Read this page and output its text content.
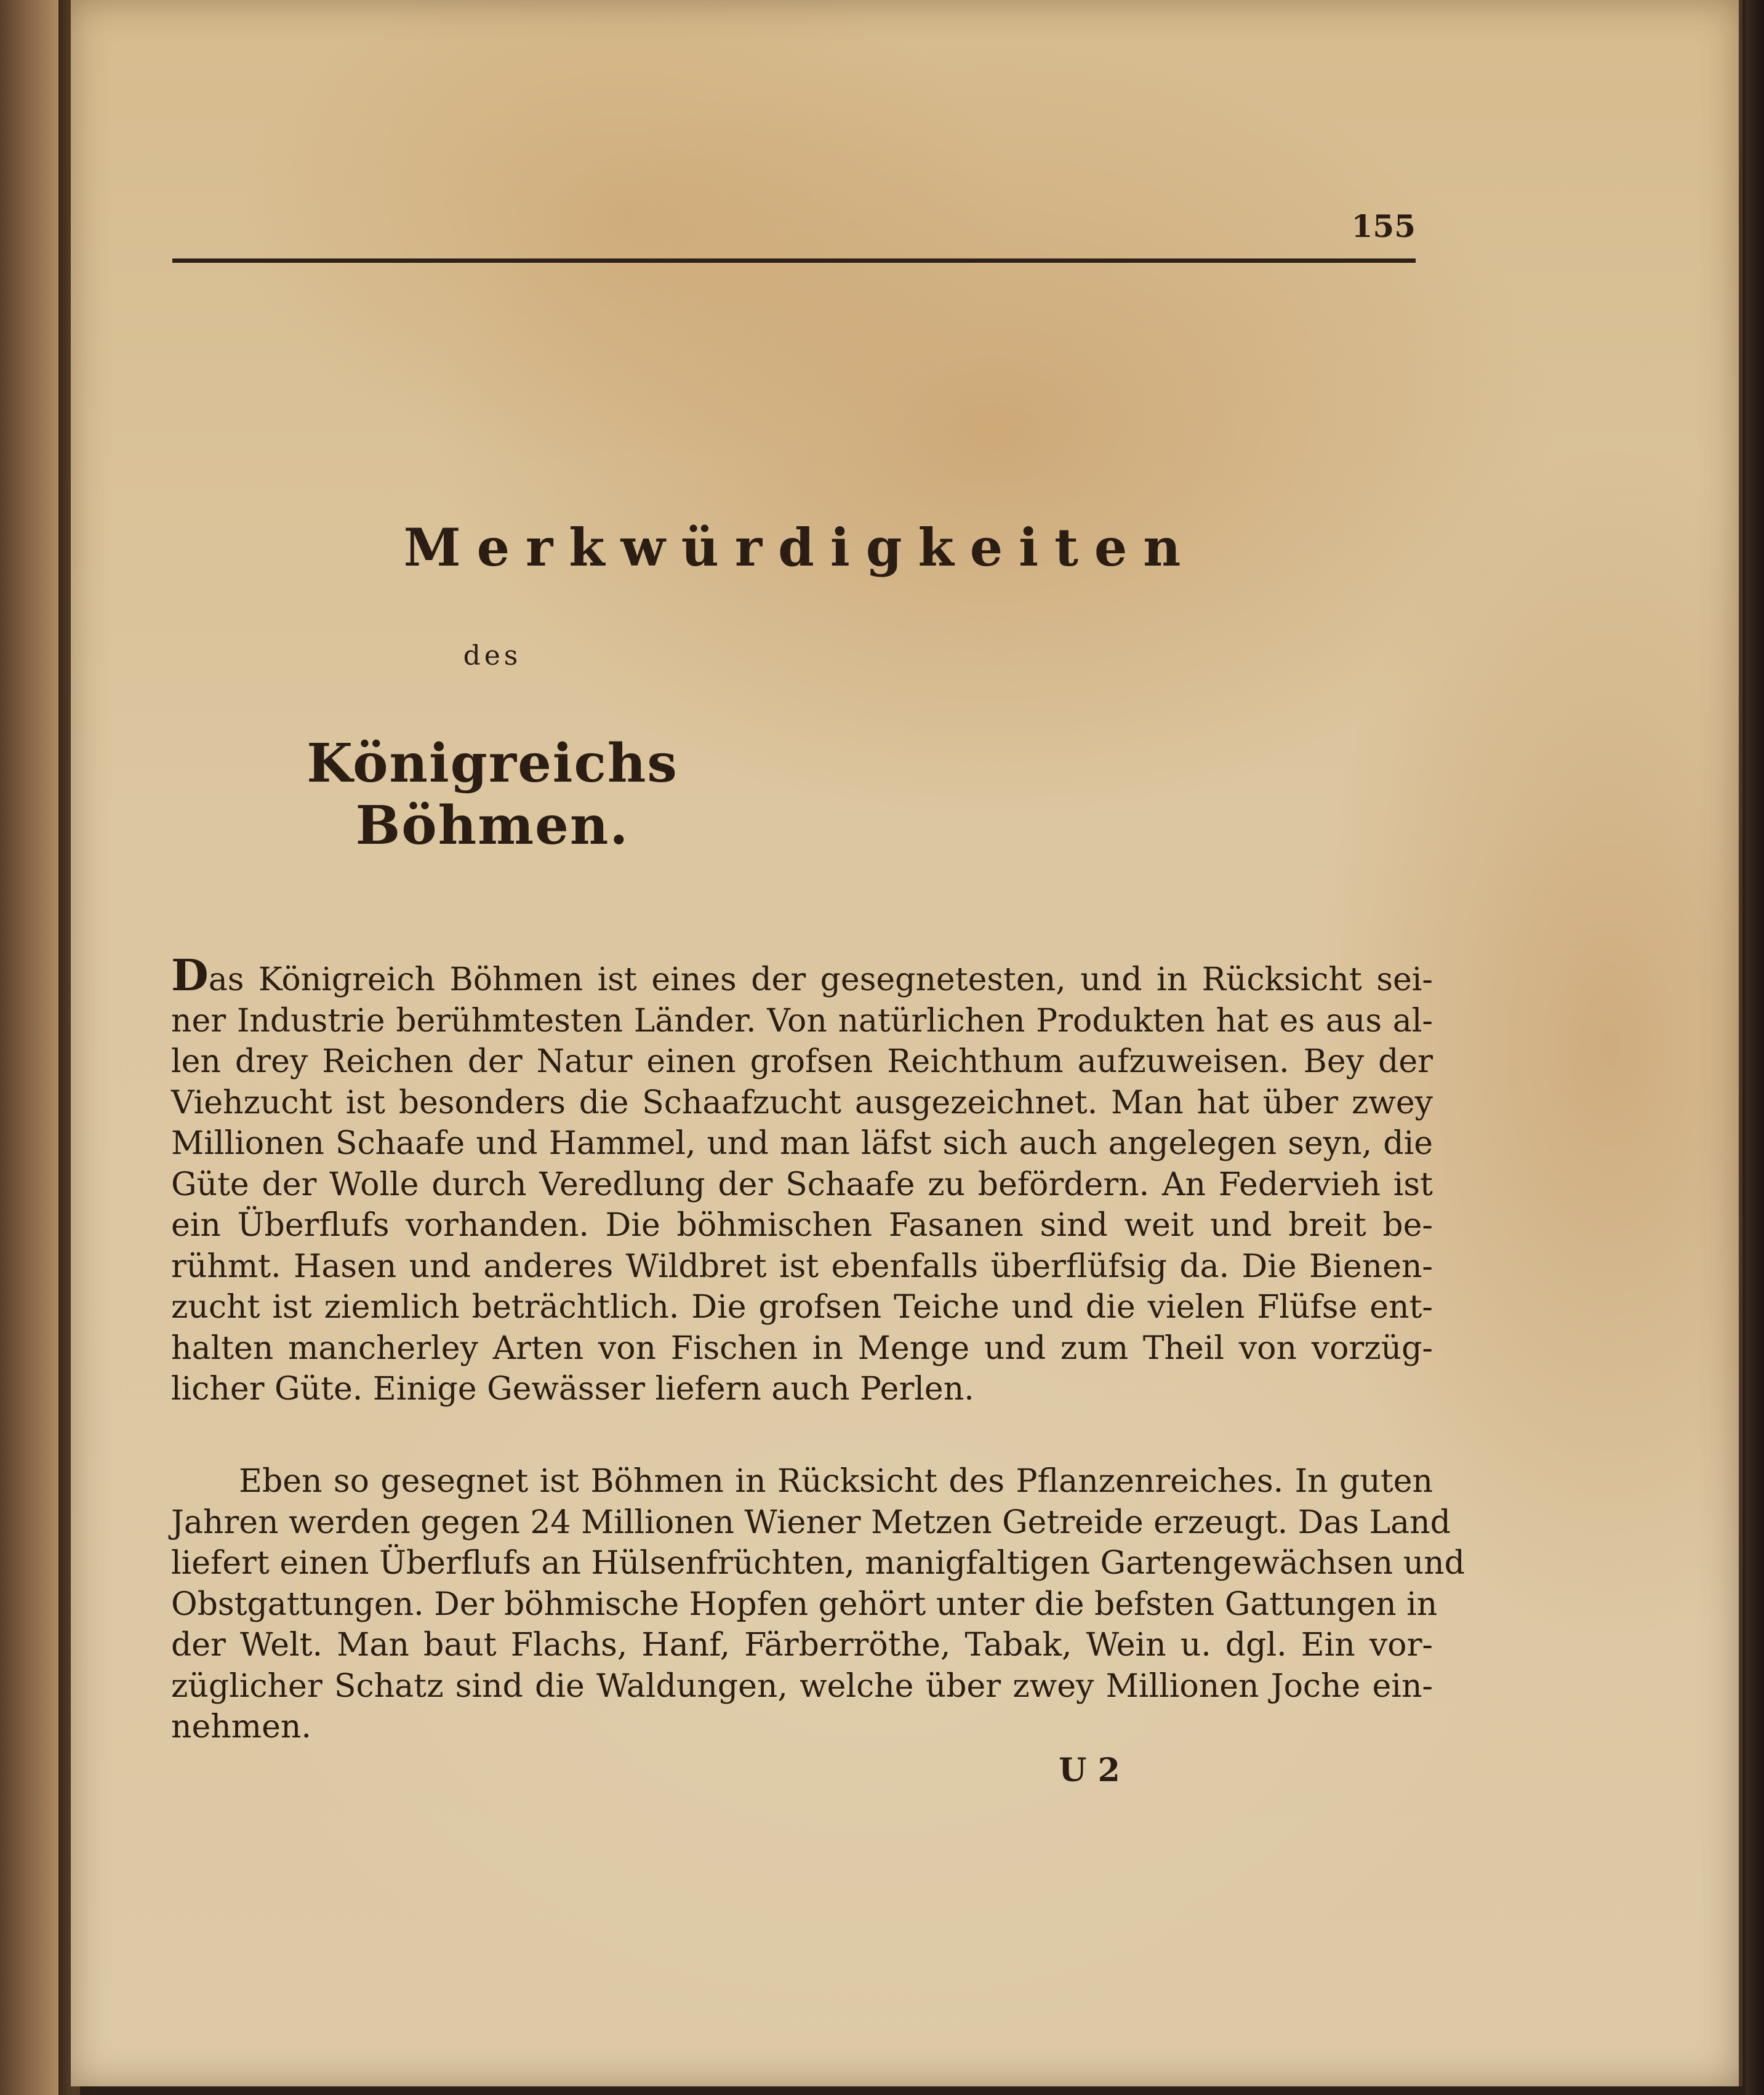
155
Merkwürdigkeiten
des
Königreichs Böhmen.
Das Königreich Böhmen ist eines der gesegnetesten, und in Rücksicht sei-
ner Industrie berühmtesten Länder. Von natürlichen Produkten hat es aus al-
len drey Reichen der Natur einen grofsen Reichthum aufzuweisen. Bey der
Viehzucht ist besonders die Schaafzucht ausgezeichnet. Man hat über zwey
Millionen Schaafe und Hammel, und man läfst sich auch angelegen seyn, die
Güte der Wolle durch Veredlung der Schaafe zu befördern. An Federvieh ist
ein Überflufs vorhanden. Die böhmischen Fasanen sind weit und breit be-
rühmt. Hasen und anderes Wildbret ist ebenfalls überflüfsig da. Die Bienen-
zucht ist ziemlich beträchtlich. Die grofsen Teiche und die vielen Flüfse ent-
halten mancherley Arten von Fischen in Menge und zum Theil von vorzüg-
licher Güte. Einige Gewässer liefern auch Perlen.
Eben so gesegnet ist Böhmen in Rücksicht des Pflanzenreiches. In guten
Jahren werden gegen 24 Millionen Wiener Metzen Getreide erzeugt. Das Land
liefert einen Überflufs an Hülsenfrüchten, manigfaltigen Gartengewächsen und
Obstgattungen. Der böhmische Hopfen gehört unter die befsten Gattungen in
der Welt. Man baut Flachs, Hanf, Färberröthe, Tabak, Wein u. dgl. Ein vor-
züglicher Schatz sind die Waldungen, welche über zwey Millionen Joche ein-
nehmen.
U 2
